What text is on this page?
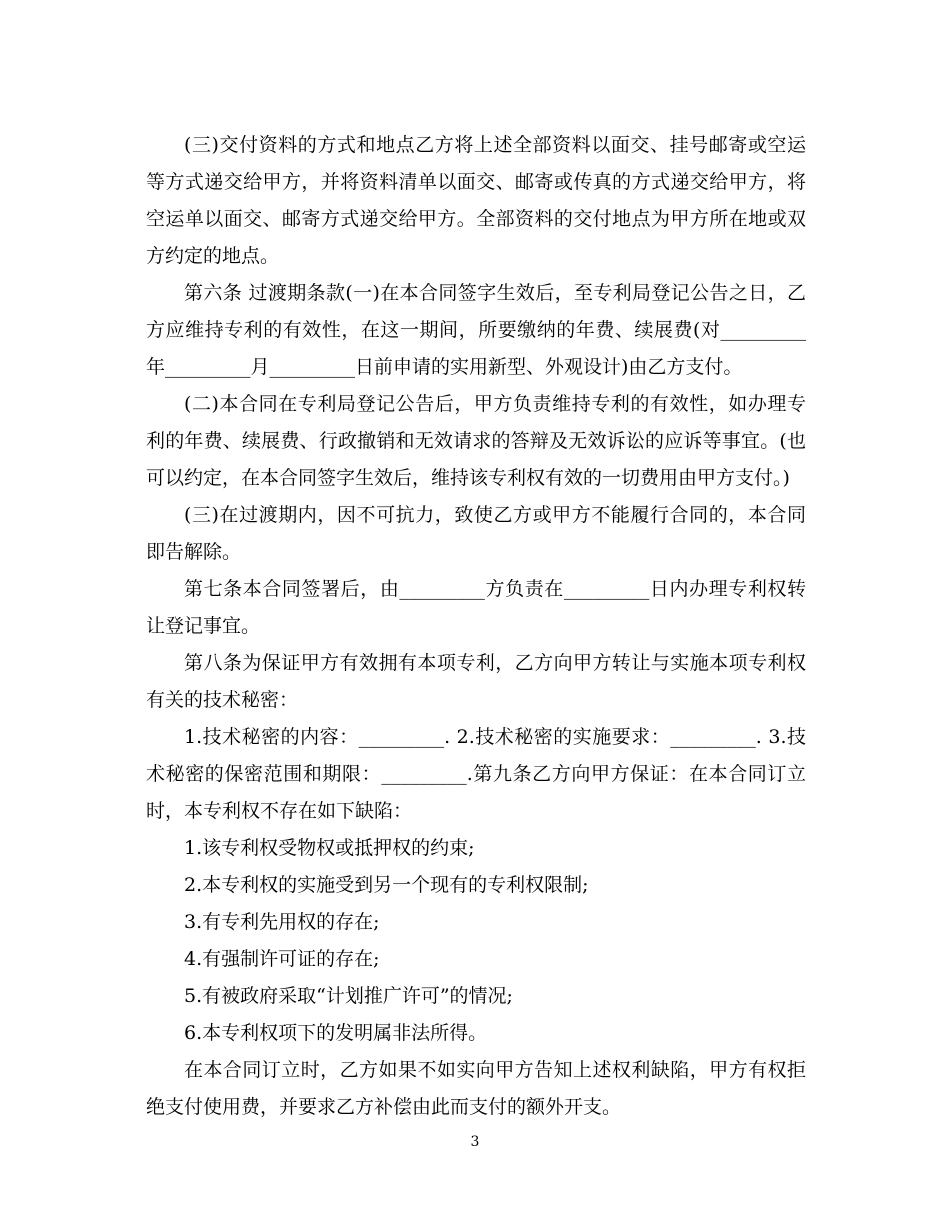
(三)交付资料的方式和地点乙方将上述全部资料以面交、挂号邮寄或空运等方式递交给甲方，并将资料清单以面交、邮寄或传真的方式递交给甲方，将空运单以面交、邮寄方式递交给甲方。全部资料的交付地点为甲方所在地或双方约定的地点。

第六条 过渡期条款(一)在本合同签字生效后，至专利局登记公告之日，乙方应维持专利的有效性，在这一期间，所要缴纳的年费、续展费(对_________年_________月_________日前申请的实用新型、外观设计)由乙方支付。

(二)本合同在专利局登记公告后，甲方负责维持专利的有效性，如办理专利的年费、续展费、行政撤销和无效请求的答辩及无效诉讼的应诉等事宜。(也可以约定，在本合同签字生效后，维持该专利权有效的一切费用由甲方支付。)

(三)在过渡期内，因不可抗力，致使乙方或甲方不能履行合同的，本合同即告解除。

第七条本合同签署后，由_________方负责在_________日内办理专利权转让登记事宜。

第八条为保证甲方有效拥有本项专利，乙方向甲方转让与实施本项专利权有关的技术秘密：

1.技术秘密的内容：_________. 2.技术秘密的实施要求：_________. 3.技术秘密的保密范围和期限：_________.第九条乙方向甲方保证：在本合同订立时，本专利权不存在如下缺陷：

1.该专利权受物权或抵押权的约束;

2.本专利权的实施受到另一个现有的专利权限制;

3.有专利先用权的存在;

4.有强制许可证的存在;

5.有被政府采取“计划推广许可”的情况;

6.本专利权项下的发明属非法所得。

在本合同订立时，乙方如果不如实向甲方告知上述权利缺陷，甲方有权拒绝支付使用费，并要求乙方补偿由此而支付的额外开支。

3
